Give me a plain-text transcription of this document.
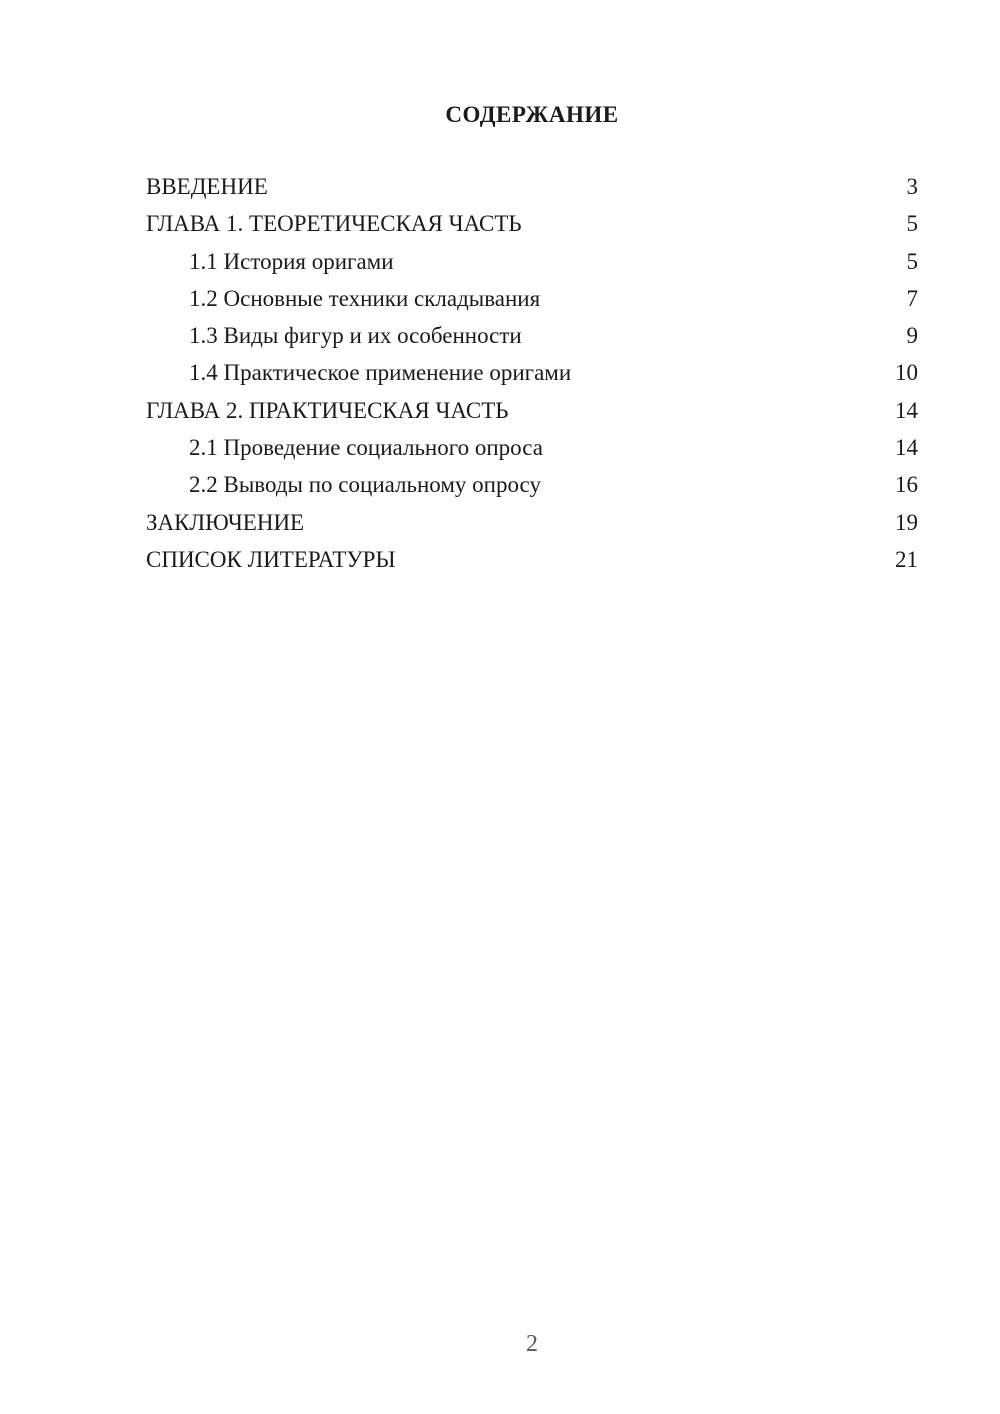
СОДЕРЖАНИЕ
ВВЕДЕНИЕ	3
ГЛАВА 1. ТЕОРЕТИЧЕСКАЯ ЧАСТЬ	5
1.1 История оригами	5
1.2 Основные техники складывания	7
1.3 Виды фигур и их особенности	9
1.4 Практическое применение оригами	10
ГЛАВА 2. ПРАКТИЧЕСКАЯ ЧАСТЬ	14
2.1 Проведение социального опроса	14
2.2 Выводы по социальному опросу	16
ЗАКЛЮЧЕНИЕ	19
СПИСОК ЛИТЕРАТУРЫ	21
2
